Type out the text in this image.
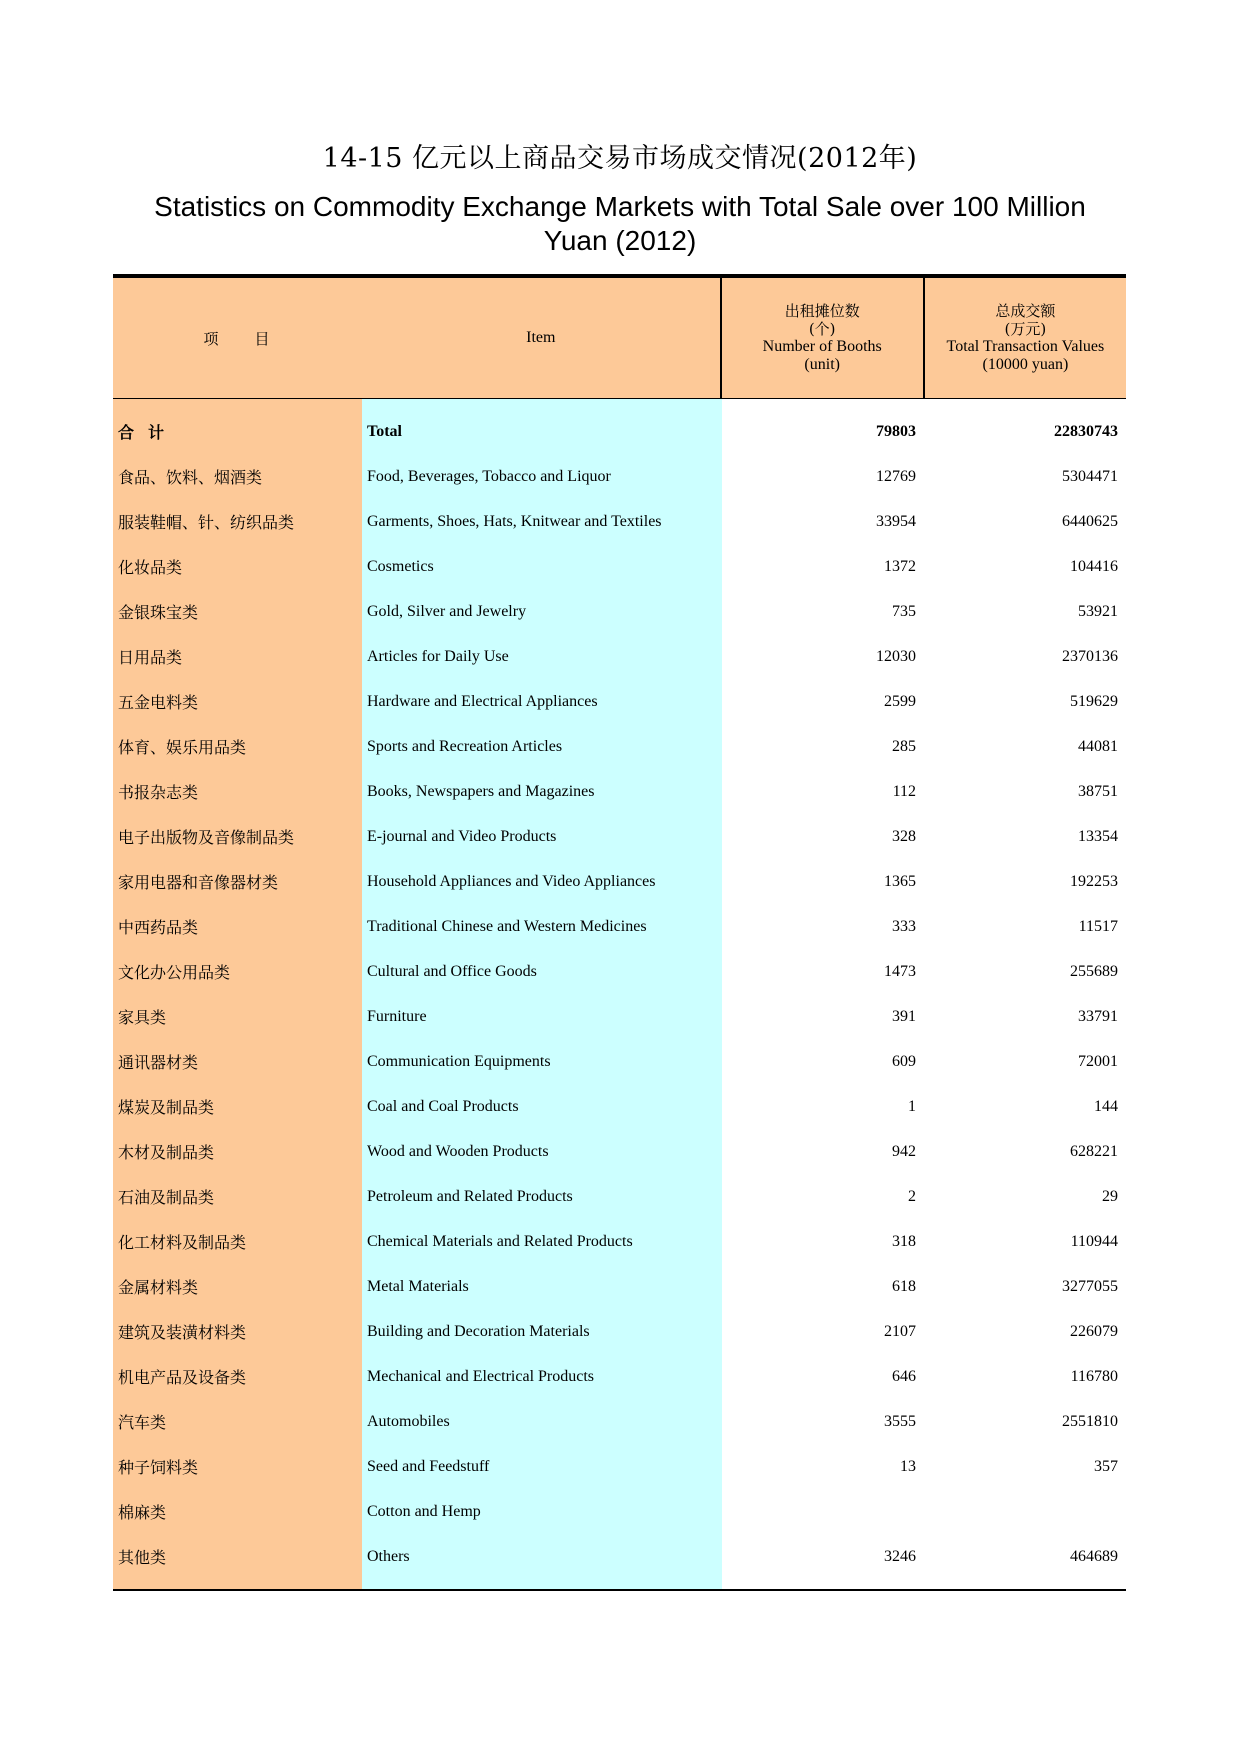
14-15 亿元以上商品交易市场成交情况(2012年)
Statistics on Commodity Exchange Markets with Total Sale over 100 Million Yuan (2012)
项　　目	Item
出租摊位数
(个)
Number of Booths
(unit)
总成交额
(万元)
Total Transaction Values
(10000 yuan)
合计	Total	79803	22830743
食品、饮料、烟酒类	Food, Beverages, Tobacco and Liquor	12769	5304471
服装鞋帽、针、纺织品类	Garments, Shoes, Hats, Knitwear and Textiles	33954	6440625
化妆品类	Cosmetics	1372	104416
金银珠宝类	Gold, Silver and Jewelry	735	53921
日用品类	Articles for Daily Use	12030	2370136
五金电料类	Hardware and Electrical Appliances	2599	519629
体育、娱乐用品类	Sports and Recreation Articles	285	44081
书报杂志类	Books, Newspapers and Magazines	112	38751
电子出版物及音像制品类	E-journal and Video Products	328	13354
家用电器和音像器材类	Household Appliances and Video Appliances	1365	192253
中西药品类	Traditional Chinese and Western Medicines	333	11517
文化办公用品类	Cultural and Office Goods	1473	255689
家具类	Furniture	391	33791
通讯器材类	Communication Equipments	609	72001
煤炭及制品类	Coal and Coal Products	1	144
木材及制品类	Wood and Wooden Products	942	628221
石油及制品类	Petroleum and Related Products	2	29
化工材料及制品类	Chemical Materials and Related Products	318	110944
金属材料类	Metal Materials	618	3277055
建筑及装潢材料类	Building and Decoration Materials	2107	226079
机电产品及设备类	Mechanical and Electrical Products	646	116780
汽车类	Automobiles	3555	2551810
种子饲料类	Seed and Feedstuff	13	357
棉麻类	Cotton and Hemp
其他类	Others	3246	464689
